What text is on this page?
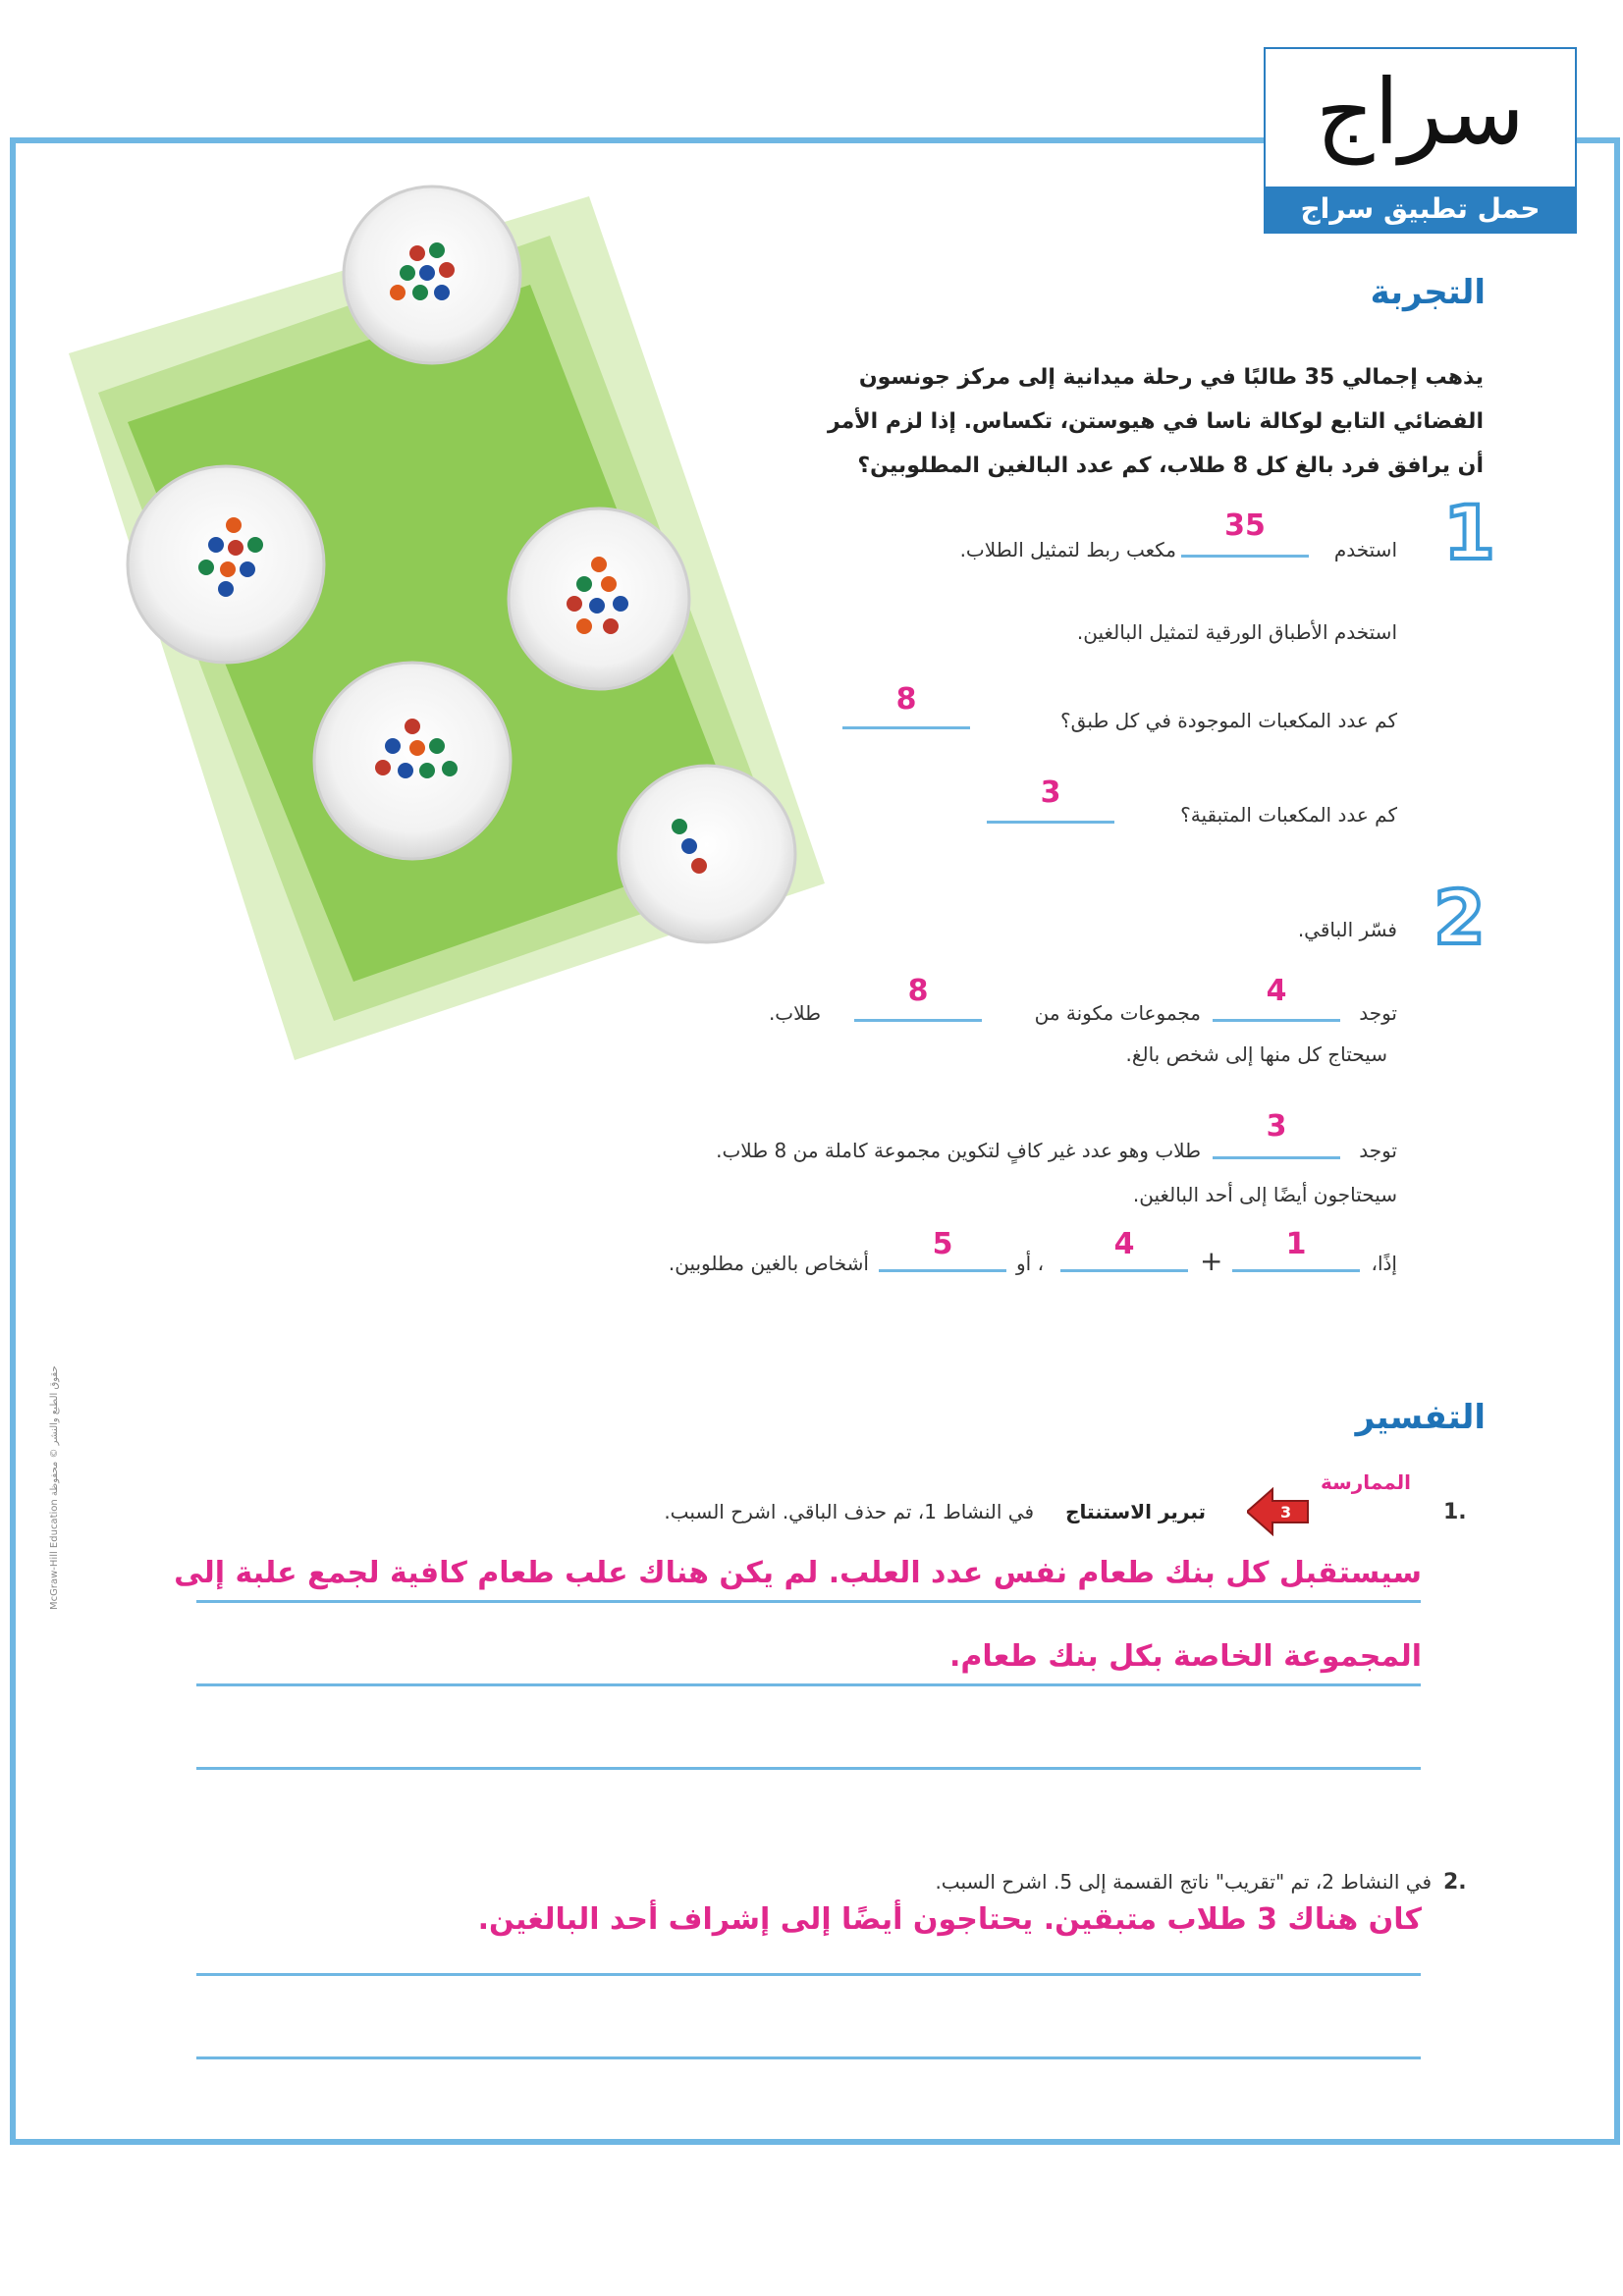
سراج
حمل تطبيق سراج
التجربة
يذهب إجمالي 35 طالبًا في رحلة ميدانية إلى مركز جونسون الفضائي التابع لوكالة ناسا في هيوستن، تكساس. إذا لزم الأمر أن يرافق فرد بالغ كل 8 طلاب، كم عدد البالغين المطلوبين؟
1
استخدم
35
مكعب ربط لتمثيل الطلاب.
استخدم الأطباق الورقية لتمثيل البالغين.
كم عدد المكعبات الموجودة في كل طبق؟
8
كم عدد المكعبات المتبقية؟
3
2
فسّر الباقي.
توجد
4
مجموعات مكونة من
8
طلاب.
سيحتاج كل منها إلى شخص بالغ.
توجد
3
طلاب وهو عدد غير كافٍ لتكوين مجموعة كاملة من 8 طلاب.
سيحتاجون أيضًا إلى أحد البالغين.
إذًا،
1
+
4
، أو
5
أشخاص بالغين مطلوبين.
التفسير
الممارسة
3	1.
تبرير الاستنتاج
في النشاط 1، تم حذف الباقي. اشرح السبب.
سيستقبل كل بنك طعام نفس عدد العلب. لم يكن هناك علب طعام كافية لجمع علبة إلى
المجموعة الخاصة بكل بنك طعام.
2.
في النشاط 2، تم "تقريب" ناتج القسمة إلى 5. اشرح السبب.
كان هناك 3 طلاب متبقين. يحتاجون أيضًا إلى إشراف أحد البالغين.
McGraw-Hill Education حقوق الطبع والنشر © محفوظة
